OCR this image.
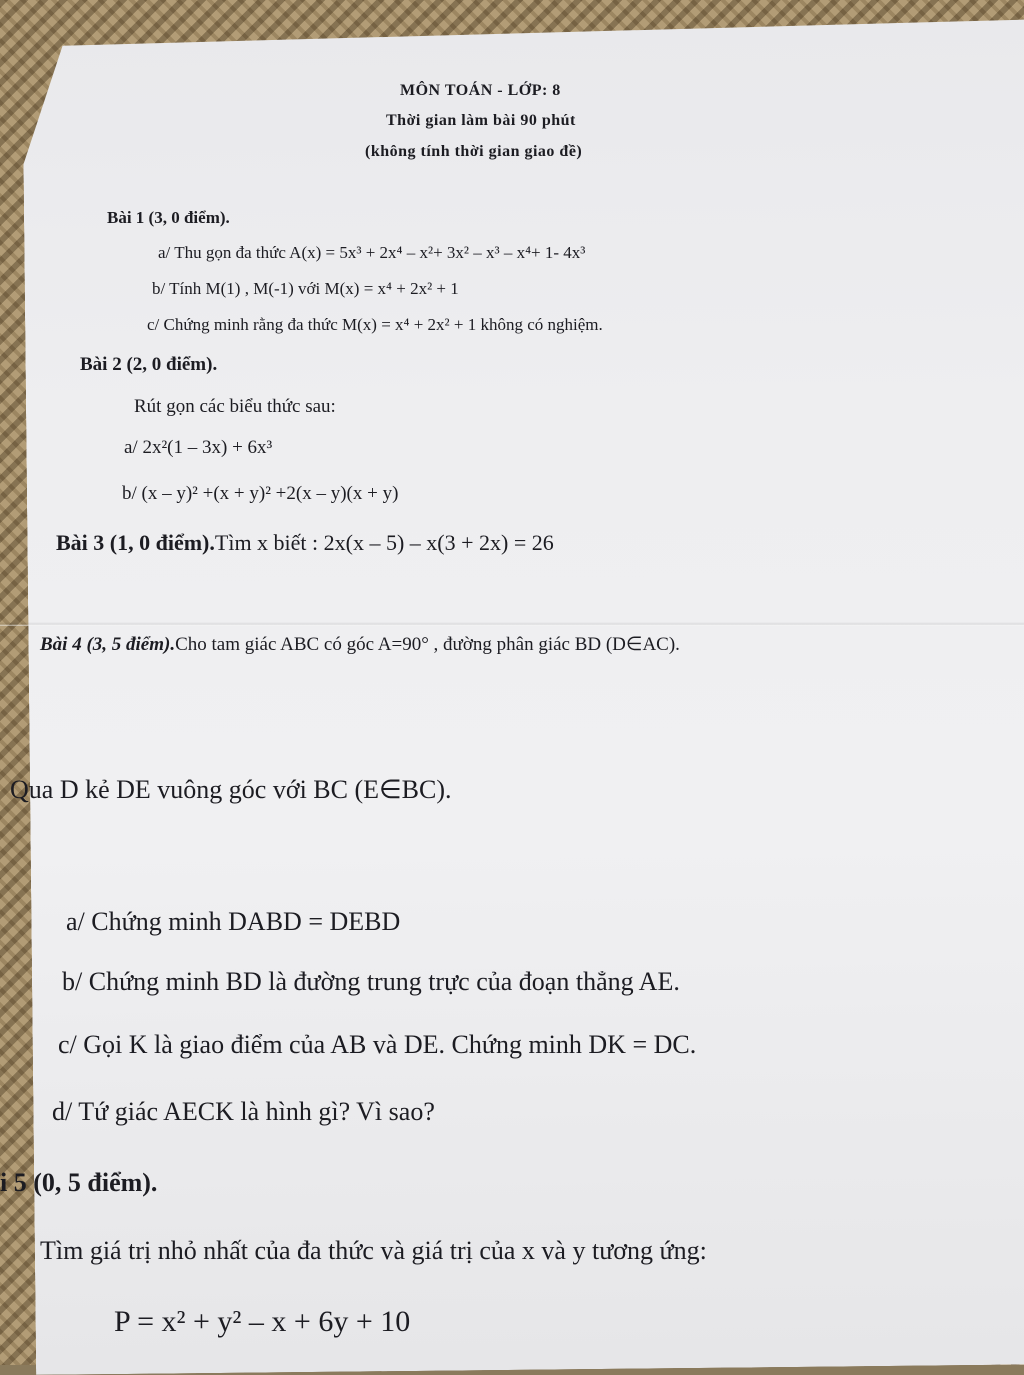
MÔN TOÁN - LỚP: 8
Thời gian làm bài 90 phút
(không tính thời gian giao đề)
Bài 1 (3, 0 điểm).
a/ Thu gọn đa thức A(x) = 5x³ + 2x⁴ – x²+ 3x² – x³ – x⁴+ 1- 4x³
b/ Tính M(1) , M(-1) với M(x) = x⁴ + 2x² + 1
c/ Chứng minh rằng đa thức M(x) = x⁴ + 2x² + 1 không có nghiệm.
Bài 2 (2, 0 điểm).
Rút gọn các biểu thức sau:
a/ 2x²(1 – 3x) + 6x³
b/ (x – y)² +(x + y)² +2(x – y)(x + y)
Bài 3 (1, 0 điểm).Tìm x biết : 2x(x – 5) – x(3 + 2x) = 26
Bài 4 (3, 5 điểm).Cho tam giác ABC có góc A=90° , đường phân giác BD (D∈AC).
Qua D kẻ DE vuông góc với BC (E∈BC).
a/ Chứng minh DABD = DEBD
b/ Chứng minh BD là đường trung trực của đoạn thẳng AE.
c/ Gọi K là giao điểm của AB và DE. Chứng minh DK = DC.
d/ Tứ giác AECK là hình gì? Vì sao?
i 5 (0, 5 điểm).
Tìm giá trị nhỏ nhất của đa thức và giá trị của x và y tương ứng:
P = x² + y² – x + 6y + 10
